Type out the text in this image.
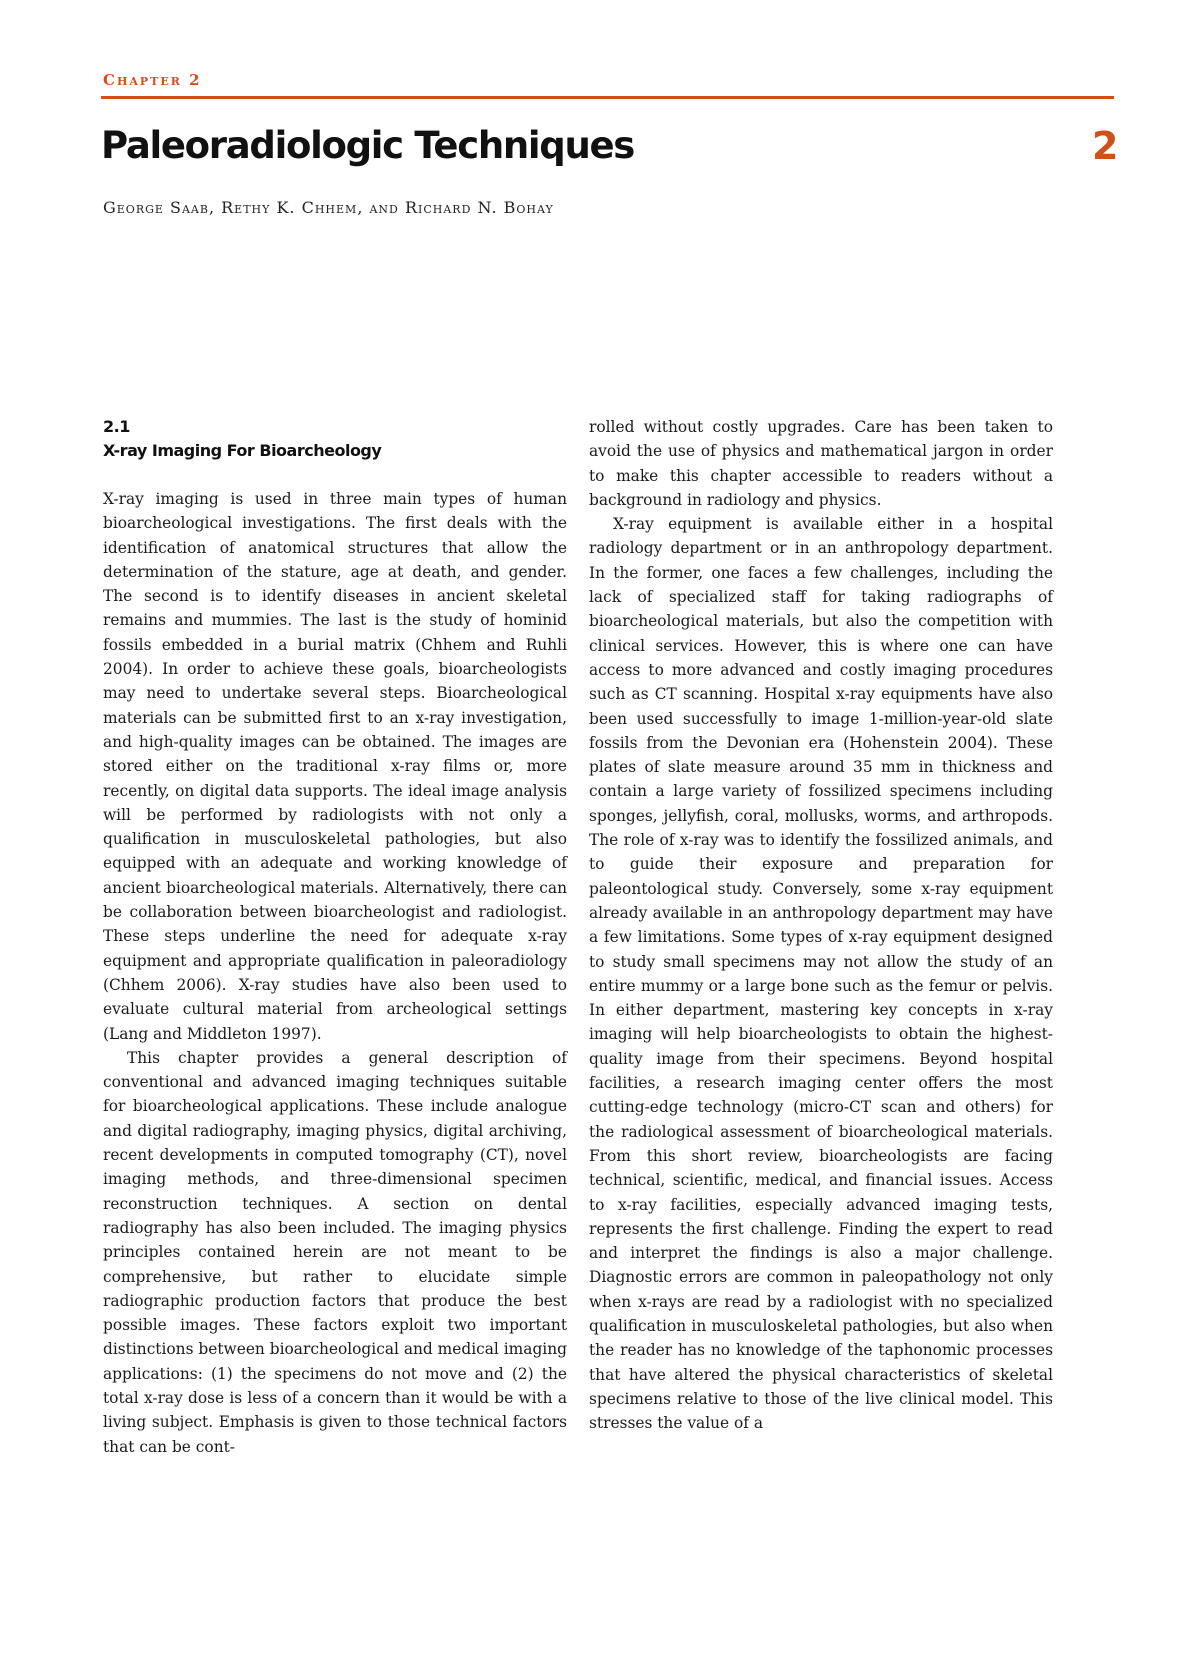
Chapter 2
Paleoradiologic Techniques	2
George Saab, Rethy K. Chhem, and Richard N. Bohay
2.1
X-ray Imaging For Bioarcheology

X-ray imaging is used in three main types of human bioarcheological investigations. The first deals with the identification of anatomical structures that allow the determination of the stature, age at death, and gender. The second is to identify diseases in ancient skeletal remains and mummies. The last is the study of hominid fossils embedded in a burial matrix (Chhem and Ruhli 2004). In order to achieve these goals, bioarcheologists may need to undertake several steps. Bioarcheological materials can be submitted first to an x-ray investigation, and high-quality images can be obtained. The images are stored either on the traditional x-ray films or, more recently, on digital data supports. The ideal image analysis will be performed by radiologists with not only a qualification in musculoskeletal pathologies, but also equipped with an adequate and working knowledge of ancient bioarcheological materials. Alternatively, there can be collaboration between bioarcheologist and radiologist. These steps underline the need for adequate x-ray equipment and appropriate qualification in paleoradiology (Chhem 2006). X-ray studies have also been used to evaluate cultural material from archeological settings (Lang and Middleton 1997).

This chapter provides a general description of conventional and advanced imaging techniques suitable for bioarcheological applications. These include analogue and digital radiography, imaging physics, digital archiving, recent developments in computed tomography (CT), novel imaging methods, and three-dimensional specimen reconstruction techniques. A section on dental radiography has also been included. The imaging physics principles contained herein are not meant to be comprehensive, but rather to elucidate simple radiographic production factors that produce the best possible images. These factors exploit two important distinctions between bioarcheological and medical imaging applications: (1) the specimens do not move and (2) the total x-ray dose is less of a concern than it would be with a living subject. Emphasis is given to those technical factors that can be cont-

rolled without costly upgrades. Care has been taken to avoid the use of physics and mathematical jargon in order to make this chapter accessible to readers without a background in radiology and physics.

X-ray equipment is available either in a hospital radiology department or in an anthropology department. In the former, one faces a few challenges, including the lack of specialized staff for taking radiographs of bioarcheological materials, but also the competition with clinical services. However, this is where one can have access to more advanced and costly imaging procedures such as CT scanning. Hospital x-ray equipments have also been used successfully to image 1-million-year-old slate fossils from the Devonian era (Hohenstein 2004). These plates of slate measure around 35 mm in thickness and contain a large variety of fossilized specimens including sponges, jellyfish, coral, mollusks, worms, and arthropods. The role of x-ray was to identify the fossilized animals, and to guide their exposure and preparation for paleontological study. Conversely, some x-ray equipment already available in an anthropology department may have a few limitations. Some types of x-ray equipment designed to study small specimens may not allow the study of an entire mummy or a large bone such as the femur or pelvis. In either department, mastering key concepts in x-ray imaging will help bioarcheologists to obtain the highest-quality image from their specimens. Beyond hospital facilities, a research imaging center offers the most cutting-edge technology (micro-CT scan and others) for the radiological assessment of bioarcheological materials. From this short review, bioarcheologists are facing technical, scientific, medical, and financial issues. Access to x-ray facilities, especially advanced imaging tests, represents the first challenge. Finding the expert to read and interpret the findings is also a major challenge. Diagnostic errors are common in paleopathology not only when x-rays are read by a radiologist with no specialized qualification in musculoskeletal pathologies, but also when the reader has no knowledge of the taphonomic processes that have altered the physical characteristics of skeletal specimens relative to those of the live clinical model. This stresses the value of a
